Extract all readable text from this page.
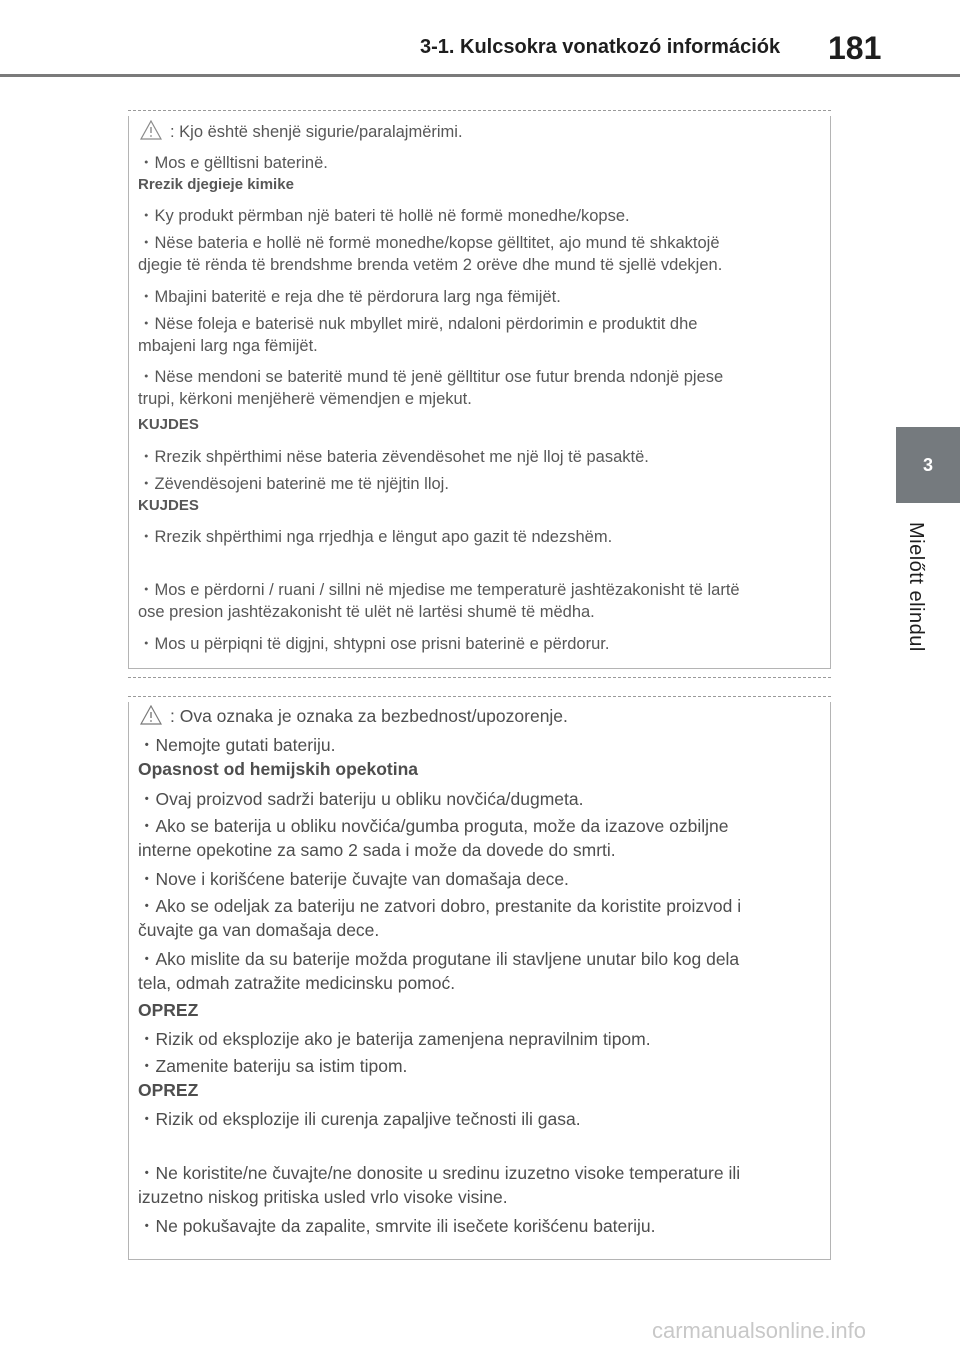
3-1. Kulcsokra vonatkozó információk 181
3
Mielőtt elindul
: Kjo është shenjë sigurie/paralajmërimi.
・Mos e gëlltisni baterinë.
Rrezik djegieje kimike
・Ky produkt përmban një bateri të hollë në formë monedhe/kopse.
・Nëse bateria e hollë në formë monedhe/kopse gëlltitet, ajo mund të shkaktojë
djegie të rënda të brendshme brenda vetëm 2 orëve dhe mund të sjellë vdekjen.
・Mbajini bateritë e reja dhe të përdorura larg nga fëmijët.
・Nëse foleja e baterisë nuk mbyllet mirë, ndaloni përdorimin e produktit dhe
mbajeni larg nga fëmijët.
・Nëse mendoni se bateritë mund të jenë gëlltitur ose futur brenda ndonjë pjese
trupi, kërkoni menjëherë vëmendjen e mjekut.
KUJDES
・Rrezik shpërthimi nëse bateria zëvendësohet me një lloj të pasaktë.
・Zëvendësojeni baterinë me të njëjtin lloj.
KUJDES
・Rrezik shpërthimi nga rrjedhja e lëngut apo gazit të ndezshëm.
・Mos e përdorni / ruani / sillni në mjedise me temperaturë jashtëzakonisht të lartë
ose presion jashtëzakonisht të ulët në lartësi shumë të mëdha.
・Mos u përpiqni të digjni, shtypni ose prisni baterinë e përdorur.
: Ova oznaka je oznaka za bezbednost/upozorenje.
・Nemojte gutati bateriju.
Opasnost od hemijskih opekotina
・Ovaj proizvod sadrži bateriju u obliku novčića/dugmeta.
・Ako se baterija u obliku novčića/gumba proguta, može da izazove ozbiljne
interne opekotine za samo 2 sada i može da dovede do smrti.
・Nove i korišćene baterije čuvajte van domašaja dece.
・Ako se odeljak za bateriju ne zatvori dobro, prestanite da koristite proizvod i
čuvajte ga van domašaja dece.
・Ako mislite da su baterije možda progutane ili stavljene unutar bilo kog dela
tela, odmah zatražite medicinsku pomoć.
OPREZ
・Rizik od eksplozije ako je baterija zamenjena nepravilnim tipom.
・Zamenite bateriju sa istim tipom.
OPREZ
・Rizik od eksplozije ili curenja zapaljive tečnosti ili gasa.
・Ne koristite/ne čuvajte/ne donosite u sredinu izuzetno visoke temperature ili
izuzetno niskog pritiska usled vrlo visoke visine.
・Ne pokušavajte da zapalite, smrvite ili isečete korišćenu bateriju.
carmanualsonline.info
